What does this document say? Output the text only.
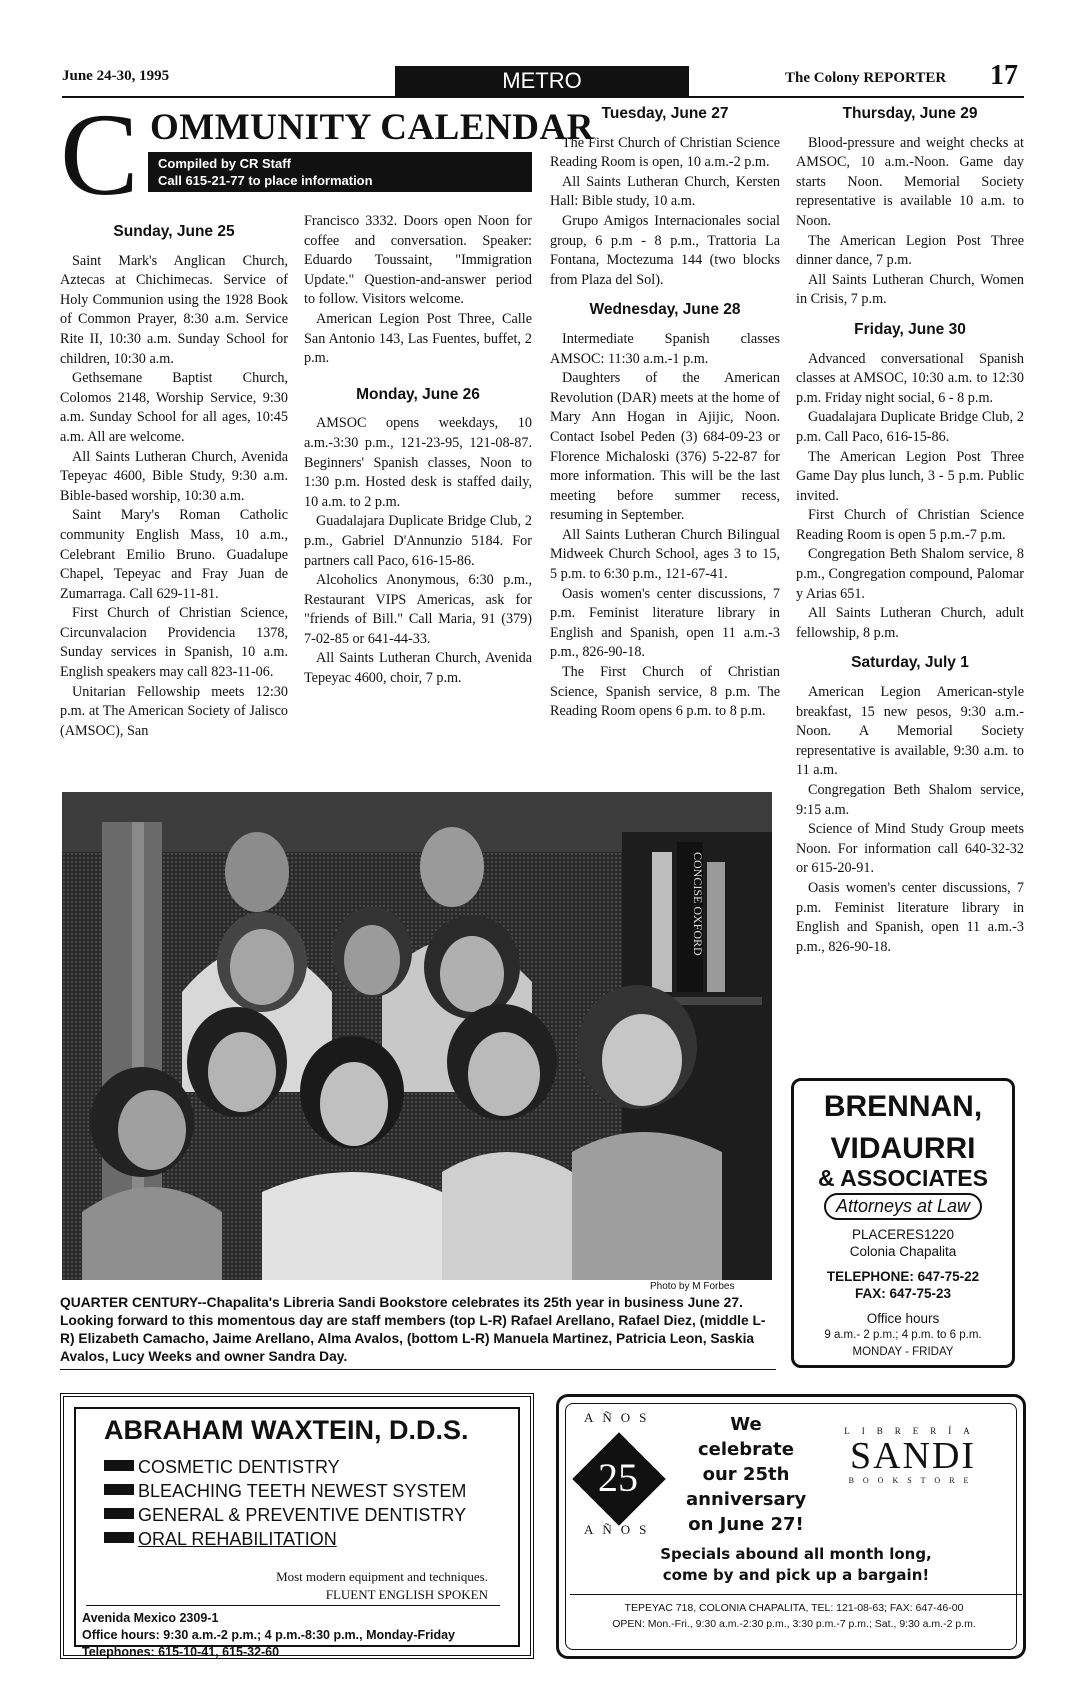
June 24-30, 1995	METRO	The Colony REPORTER 17
C OMMUNITY CALENDAR
Compiled by CR Staff
Call 615-21-77 to place information
Sunday, June 25

Saint Mark's Anglican Church, Aztecas at Chichimecas. Service of Holy Communion using the 1928 Book of Common Prayer, 8:30 a.m. Service Rite II, 10:30 a.m. Sunday School for children, 10:30 a.m.

Gethsemane Baptist Church, Colomos 2148, Worship Service, 9:30 a.m. Sunday School for all ages, 10:45 a.m. All are welcome.

All Saints Lutheran Church, Avenida Tepeyac 4600, Bible Study, 9:30 a.m. Bible-based worship, 10:30 a.m.

Saint Mary's Roman Catholic community English Mass, 10 a.m., Celebrant Emilio Bruno. Guadalupe Chapel, Tepeyac and Fray Juan de Zumarraga. Call 629-11-81.

First Church of Christian Science, Circunvalacion Providencia 1378, Sunday services in Spanish, 10 a.m. English speakers may call 823-11-06.

Unitarian Fellowship meets 12:30 p.m. at The American Society of Jalisco (AMSOC), San

Francisco 3332. Doors open Noon for coffee and conversation. Speaker: Eduardo Toussaint, "Immigration Update." Question-and-answer period to follow. Visitors welcome.

American Legion Post Three, Calle San Antonio 143, Las Fuentes, buffet, 2 p.m.

Monday, June 26

AMSOC opens weekdays, 10 a.m.-3:30 p.m., 121-23-95, 121-08-87. Beginners' Spanish classes, Noon to 1:30 p.m. Hosted desk is staffed daily, 10 a.m. to 2 p.m.

Guadalajara Duplicate Bridge Club, 2 p.m., Gabriel D'Annunzio 5184. For partners call Paco, 616-15-86.

Alcoholics Anonymous, 6:30 p.m., Restaurant VIPS Americas, ask for "friends of Bill." Call Maria, 91 (379) 7-02-85 or 641-44-33.

All Saints Lutheran Church, Avenida Tepeyac 4600, choir, 7 p.m.

Tuesday, June 27

The First Church of Christian Science Reading Room is open, 10 a.m.-2 p.m.

All Saints Lutheran Church, Kersten Hall: Bible study, 10 a.m.

Grupo Amigos Internacionales social group, 6 p.m - 8 p.m., Trattoria La Fontana, Moctezuma 144 (two blocks from Plaza del Sol).

Wednesday, June 28

Intermediate Spanish classes AMSOC: 11:30 a.m.-1 p.m.

Daughters of the American Revolution (DAR) meets at the home of Mary Ann Hogan in Ajijic, Noon. Contact Isobel Peden (3) 684-09-23 or Florence Michaloski (376) 5-22-87 for more information. This will be the last meeting before summer recess, resuming in September.

All Saints Lutheran Church Bilingual Midweek Church School, ages 3 to 15, 5 p.m. to 6:30 p.m., 121-67-41.

Oasis women's center discussions, 7 p.m. Feminist literature library in English and Spanish, open 11 a.m.-3 p.m., 826-90-18.

The First Church of Christian Science, Spanish service, 8 p.m. The Reading Room opens 6 p.m. to 8 p.m.

Thursday, June 29

Blood-pressure and weight checks at AMSOC, 10 a.m.-Noon. Game day starts Noon. Memorial Society representative is available 10 a.m. to Noon.

The American Legion Post Three dinner dance, 7 p.m.

All Saints Lutheran Church, Women in Crisis, 7 p.m.

Friday, June 30

Advanced conversational Spanish classes at AMSOC, 10:30 a.m. to 12:30 p.m. Friday night social, 6 - 8 p.m.

Guadalajara Duplicate Bridge Club, 2 p.m. Call Paco, 616-15-86.

The American Legion Post Three Game Day plus lunch, 3 - 5 p.m. Public invited.

First Church of Christian Science Reading Room is open 5 p.m.-7 p.m.

Congregation Beth Shalom service, 8 p.m., Congregation compound, Palomar y Arias 651.

All Saints Lutheran Church, adult fellowship, 8 p.m.

Saturday, July 1

American Legion American-style breakfast, 15 new pesos, 9:30 a.m.-Noon. A Memorial Society representative is available, 9:30 a.m. to 11 a.m.

Congregation Beth Shalom service, 9:15 a.m.

Science of Mind Study Group meets Noon. For information call 640-32-32 or 615-20-91.

Oasis women's center discussions, 7 p.m. Feminist literature library in English and Spanish, open 11 a.m.-3 p.m., 826-90-18.

CONCISE OXFORD
Photo by M Forbes
QUARTER CENTURY--Chapalita's Libreria Sandi Bookstore celebrates its 25th year in business June 27. Looking forward to this momentous day are staff members (top L-R) Rafael Arellano, Rafael Diez, (middle L-R) Elizabeth Camacho, Jaime Arellano, Alma Avalos, (bottom L-R) Manuela Martinez, Patricia Leon, Saskia Avalos, Lucy Weeks and owner Sandra Day.
BRENNAN,
VIDAURRI
& ASSOCIATES
Attorneys at Law
PLACERES1220
Colonia Chapalita
TELEPHONE: 647-75-22
FAX: 647-75-23
Office hours
9 a.m.- 2 p.m.; 4 p.m. to 6 p.m.
MONDAY - FRIDAY
ABRAHAM WAXTEIN, D.D.S.
COSMETIC DENTISTRY
BLEACHING TEETH NEWEST SYSTEM
GENERAL & PREVENTIVE DENTISTRY
ORAL REHABILITATION
Most modern equipment and techniques.
FLUENT ENGLISH SPOKEN
Avenida Mexico 2309-1
Office hours: 9:30 a.m.-2 p.m.; 4 p.m.-8:30 p.m., Monday-Friday
Telephones: 615-10-41, 615-32-60
AÑOS
25
AÑOS
We
celebrate
our 25th
anniversary
on June 27!
LIBRERÍA
SANDI
BOOKSTORE
Specials abound all month long,
come by and pick up a bargain!
TEPEYAC 718, COLONIA CHAPALITA, TEL: 121-08-63; FAX: 647-46-00
OPEN: Mon.-Fri., 9:30 a.m.-2:30 p.m., 3:30 p.m.-7 p.m.; Sat., 9:30 a.m.-2 p.m.
